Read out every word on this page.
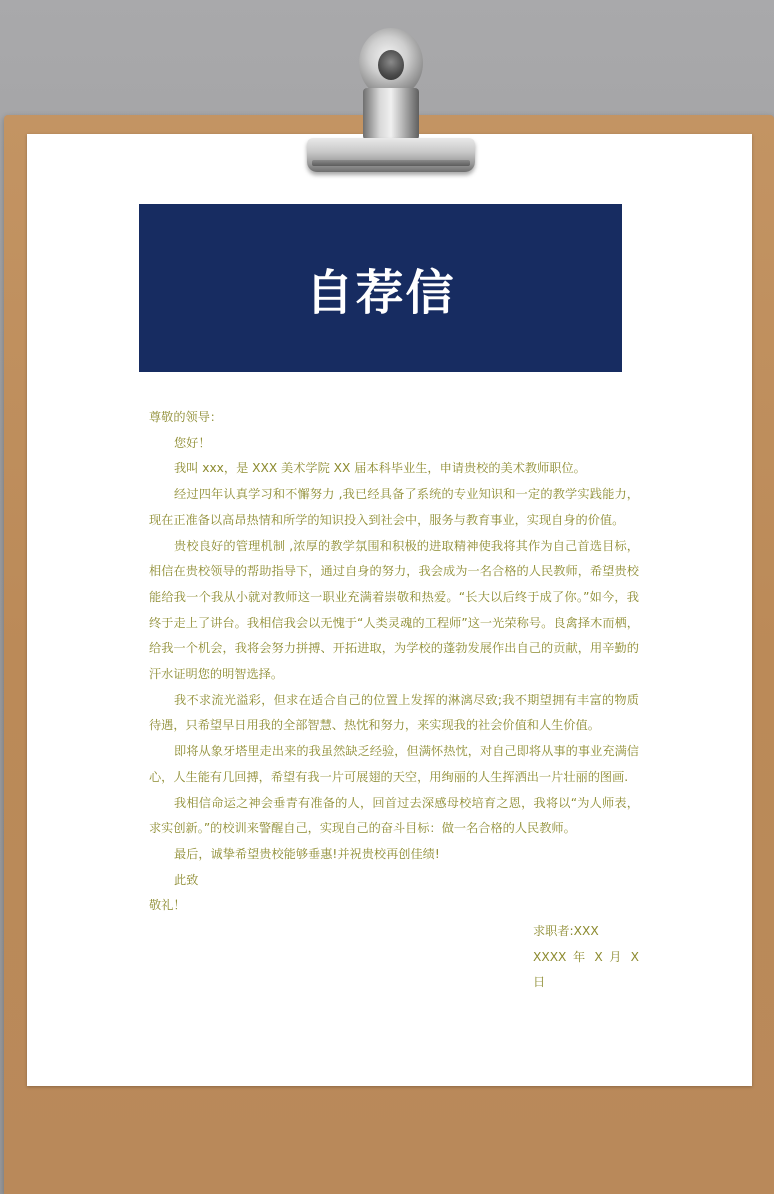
自荐信

尊敬的领导：

您好！

我叫 xxx，是 XXX 美术学院 XX 届本科毕业生，申请贵校的美术教师职位。

经过四年认真学习和不懈努力 ,我已经具备了系统的专业知识和一定的教学实践能力，现在正准备以高昂热情和所学的知识投入到社会中，服务与教育事业，实现自身的价值。

贵校良好的管理机制 ,浓厚的教学氛围和积极的进取精神使我将其作为自己首选目标，相信在贵校领导的帮助指导下，通过自身的努力，我会成为一名合格的人民教师，希望贵校能给我一个我从小就对教师这一职业充满着崇敬和热爱。“长大以后终于成了你。”如今，我终于走上了讲台。我相信我会以无愧于“人类灵魂的工程师”这一光荣称号。良禽择木而栖，给我一个机会，我将会努力拼搏、开拓进取，为学校的蓬勃发展作出自己的贡献，用辛勤的汗水证明您的明智选择。

我不求流光溢彩，但求在适合自己的位置上发挥的淋漓尽致;我不期望拥有丰富的物质待遇，只希望早日用我的全部智慧、热忱和努力，来实现我的社会价值和人生价值。

即将从象牙塔里走出来的我虽然缺乏经验，但满怀热忱，对自己即将从事的事业充满信心，人生能有几回搏，希望有我一片可展翅的天空，用绚丽的人生挥洒出一片壮丽的图画.

我相信命运之神会垂青有准备的人，回首过去深感母校培育之恩，我将以“为人师表，求实创新。”的校训来警醒自己，实现自己的奋斗目标：做一名合格的人民教师。

最后，诚挚希望贵校能够垂惠!并祝贵校再创佳绩!

此致

敬礼！

求职者:XXX

XXXX 年 X 月 X 日
